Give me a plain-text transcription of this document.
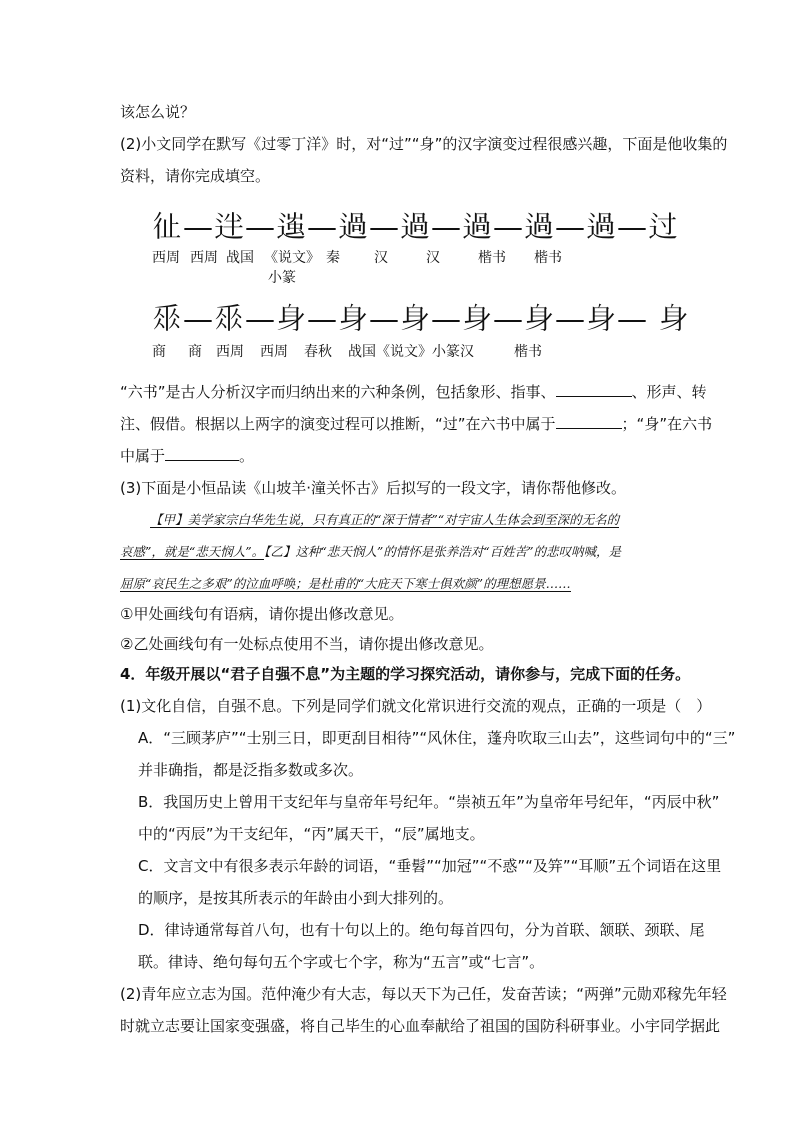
该怎么说？
(2)小文同学在默写《过零丁洋》时，对“过”“身”的汉字演变过程很感兴趣，下面是他收集的
资料，请你完成填空。
𢓊—𨒃—𨔢—過—過—過—過—過—过
西周 西周 战国 《说文》 秦 汉	汉	楷书 楷书
小篆
𠂹—𠂹—身—身—身—身—身—身— 身
商 商 西周 西周 春秋 战国《说文》小篆 汉	楷书
“六书”是古人分析汉字而归纳出来的六种条例，包括象形、指事、	、形声、转
注、假借。根据以上两字的演变过程可以推断，“过”在六书中属于	；“身”在六书
中属于	。
(3)下面是小恒品读《山坡羊·潼关怀古》后拟写的一段文字，请你帮他修改。
【甲】美学家宗白华先生说，只有真正的“深于情者”“对宇宙人生体会到至深的无名的
哀感”，就是“悲天悯人”。【乙】这种“悲天悯人”的情怀是张养浩对“百姓苦”的悲叹呐喊，是
屈原“哀民生之多艰”的泣血呼唤；是杜甫的“大庇天下寒士俱欢颜”的理想愿景……
①甲处画线句有语病，请你提出修改意见。
②乙处画线句有一处标点使用不当，请你提出修改意见。
4．年级开展以“君子自强不息”为主题的学习探究活动，请你参与，完成下面的任务。
(1)文化自信，自强不息。下列是同学们就文化常识进行交流的观点，正确的一项是（　）
A．“三顾茅庐”“士别三日，即更刮目相待”“风休住，蓬舟吹取三山去”，这些词句中的“三”
并非确指，都是泛指多数或多次。
B．我国历史上曾用干支纪年与皇帝年号纪年。“崇祯五年”为皇帝年号纪年，“丙辰中秋”
中的“丙辰”为干支纪年，“丙”属天干，“辰”属地支。
C．文言文中有很多表示年龄的词语，“垂髫”“加冠”“不惑”“及笄”“耳顺”五个词语在这里
的顺序，是按其所表示的年龄由小到大排列的。
D．律诗通常每首八句，也有十句以上的。绝句每首四句，分为首联、颔联、颈联、尾
联。律诗、绝句每句五个字或七个字，称为“五言”或“七言”。
(2)青年应立志为国。范仲淹少有大志，每以天下为己任，发奋苦读；“两弹”元勋邓稼先年轻
时就立志要让国家变强盛，将自己毕生的心血奉献给了祖国的国防科研事业。小宇同学据此
